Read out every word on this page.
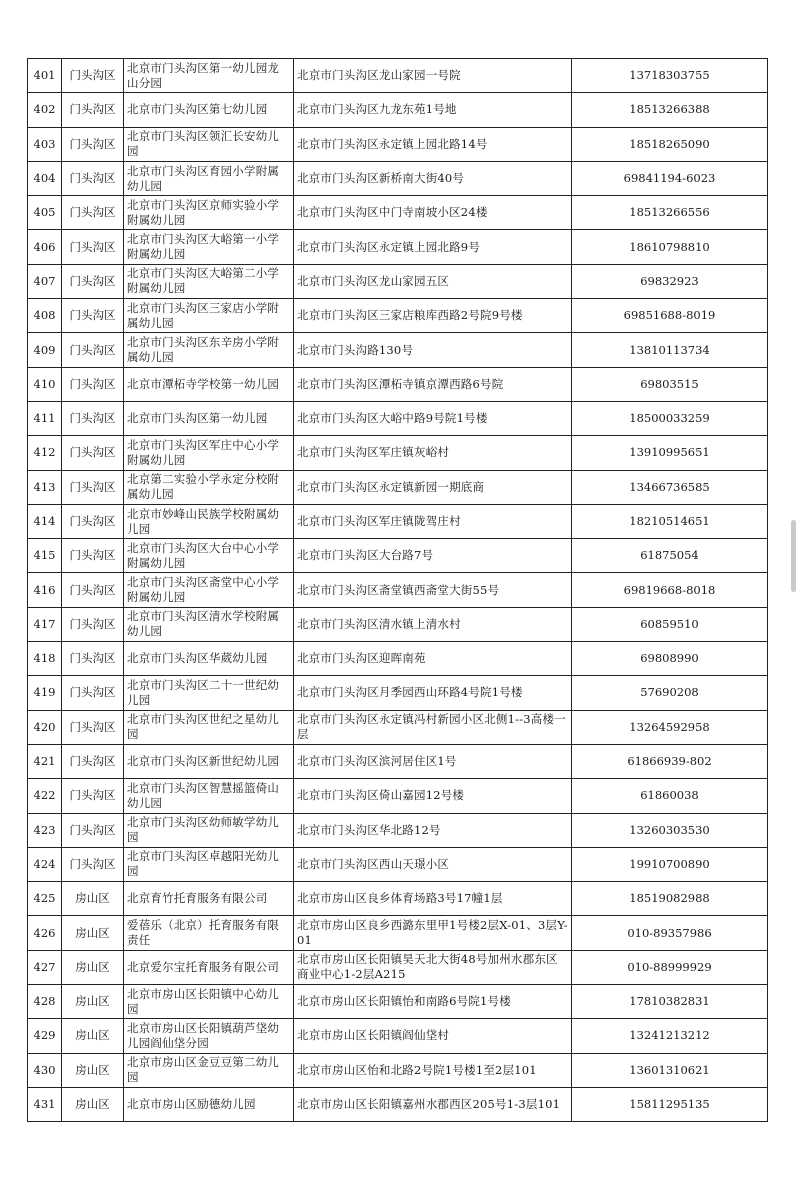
401	门头沟区	北京市门头沟区第一幼儿园龙山分园	北京市门头沟区龙山家园一号院	13718303755
402	门头沟区	北京市门头沟区第七幼儿园	北京市门头沟区九龙东苑1号地	18513266388
403	门头沟区	北京市门头沟区领汇长安幼儿园	北京市门头沟区永定镇上园北路14号	18518265090
404	门头沟区	北京市门头沟区育园小学附属幼儿园	北京市门头沟区新桥南大街40号	69841194-6023
405	门头沟区	北京市门头沟区京师实验小学附属幼儿园	北京市门头沟区中门寺南坡小区24楼	18513266556
406	门头沟区	北京市门头沟区大峪第一小学附属幼儿园	北京市门头沟区永定镇上园北路9号	18610798810
407	门头沟区	北京市门头沟区大峪第二小学附属幼儿园	北京市门头沟区龙山家园五区	69832923
408	门头沟区	北京市门头沟区三家店小学附属幼儿园	北京市门头沟区三家店粮库西路2号院9号楼	69851688-8019
409	门头沟区	北京市门头沟区东辛房小学附属幼儿园	北京市门头沟路130号	13810113734
410	门头沟区	北京市潭柘寺学校第一幼儿园	北京市门头沟区潭柘寺镇京潭西路6号院	69803515
411	门头沟区	北京市门头沟区第一幼儿园	北京市门头沟区大峪中路9号院1号楼	18500033259
412	门头沟区	北京市门头沟区军庄中心小学附属幼儿园	北京市门头沟区军庄镇灰峪村	13910995651
413	门头沟区	北京第二实验小学永定分校附属幼儿园	北京市门头沟区永定镇新园一期底商	13466736585
414	门头沟区	北京市妙峰山民族学校附属幼儿园	北京市门头沟区军庄镇陇驾庄村	18210514651
415	门头沟区	北京市门头沟区大台中心小学附属幼儿园	北京市门头沟区大台路7号	61875054
416	门头沟区	北京市门头沟区斋堂中心小学附属幼儿园	北京市门头沟区斋堂镇西斋堂大街55号	69819668-8018
417	门头沟区	北京市门头沟区清水学校附属幼儿园	北京市门头沟区清水镇上清水村	60859510
418	门头沟区	北京市门头沟区华葳幼儿园	北京市门头沟区迎晖南苑	69808990
419	门头沟区	北京市门头沟区二十一世纪幼儿园	北京市门头沟区月季园西山环路4号院1号楼	57690208
420	门头沟区	北京市门头沟区世纪之星幼儿园	北京市门头沟区永定镇冯村新园小区北侧1--3高楼一层	13264592958
421	门头沟区	北京市门头沟区新世纪幼儿园	北京市门头沟区滨河居住区1号	61866939-802
422	门头沟区	北京市门头沟区智慧摇篮倚山幼儿园	北京市门头沟区倚山嘉园12号楼	61860038
423	门头沟区	北京市门头沟区幼师敏学幼儿园	北京市门头沟区华北路12号	13260303530
424	门头沟区	北京市门头沟区卓越阳光幼儿园	北京市门头沟区西山天璟小区	19910700890
425	房山区	北京育竹托育服务有限公司	北京市房山区良乡体育场路3号17幢1层	18519082988
426	房山区	爱蓓乐（北京）托育服务有限责任	北京市房山区良乡西潞东里甲1号楼2层X-01、3层Y-01	010-89357986
427	房山区	北京爱尔宝托育服务有限公司	北京市房山区长阳镇昊天北大街48号加州水郡东区商业中心1-2层A215	010-88999929
428	房山区	北京市房山区长阳镇中心幼儿园	北京市房山区长阳镇怡和南路6号院1号楼	17810382831
429	房山区	北京市房山区长阳镇葫芦垡幼儿园阎仙垡分园	北京市房山区长阳镇阎仙垡村	13241213212
430	房山区	北京市房山区金豆豆第二幼儿园	北京市房山区怡和北路2号院1号楼1至2层101	13601310621
431	房山区	北京市房山区励德幼儿园	北京市房山区长阳镇嘉州水郡西区205号1-3层101	15811295135
